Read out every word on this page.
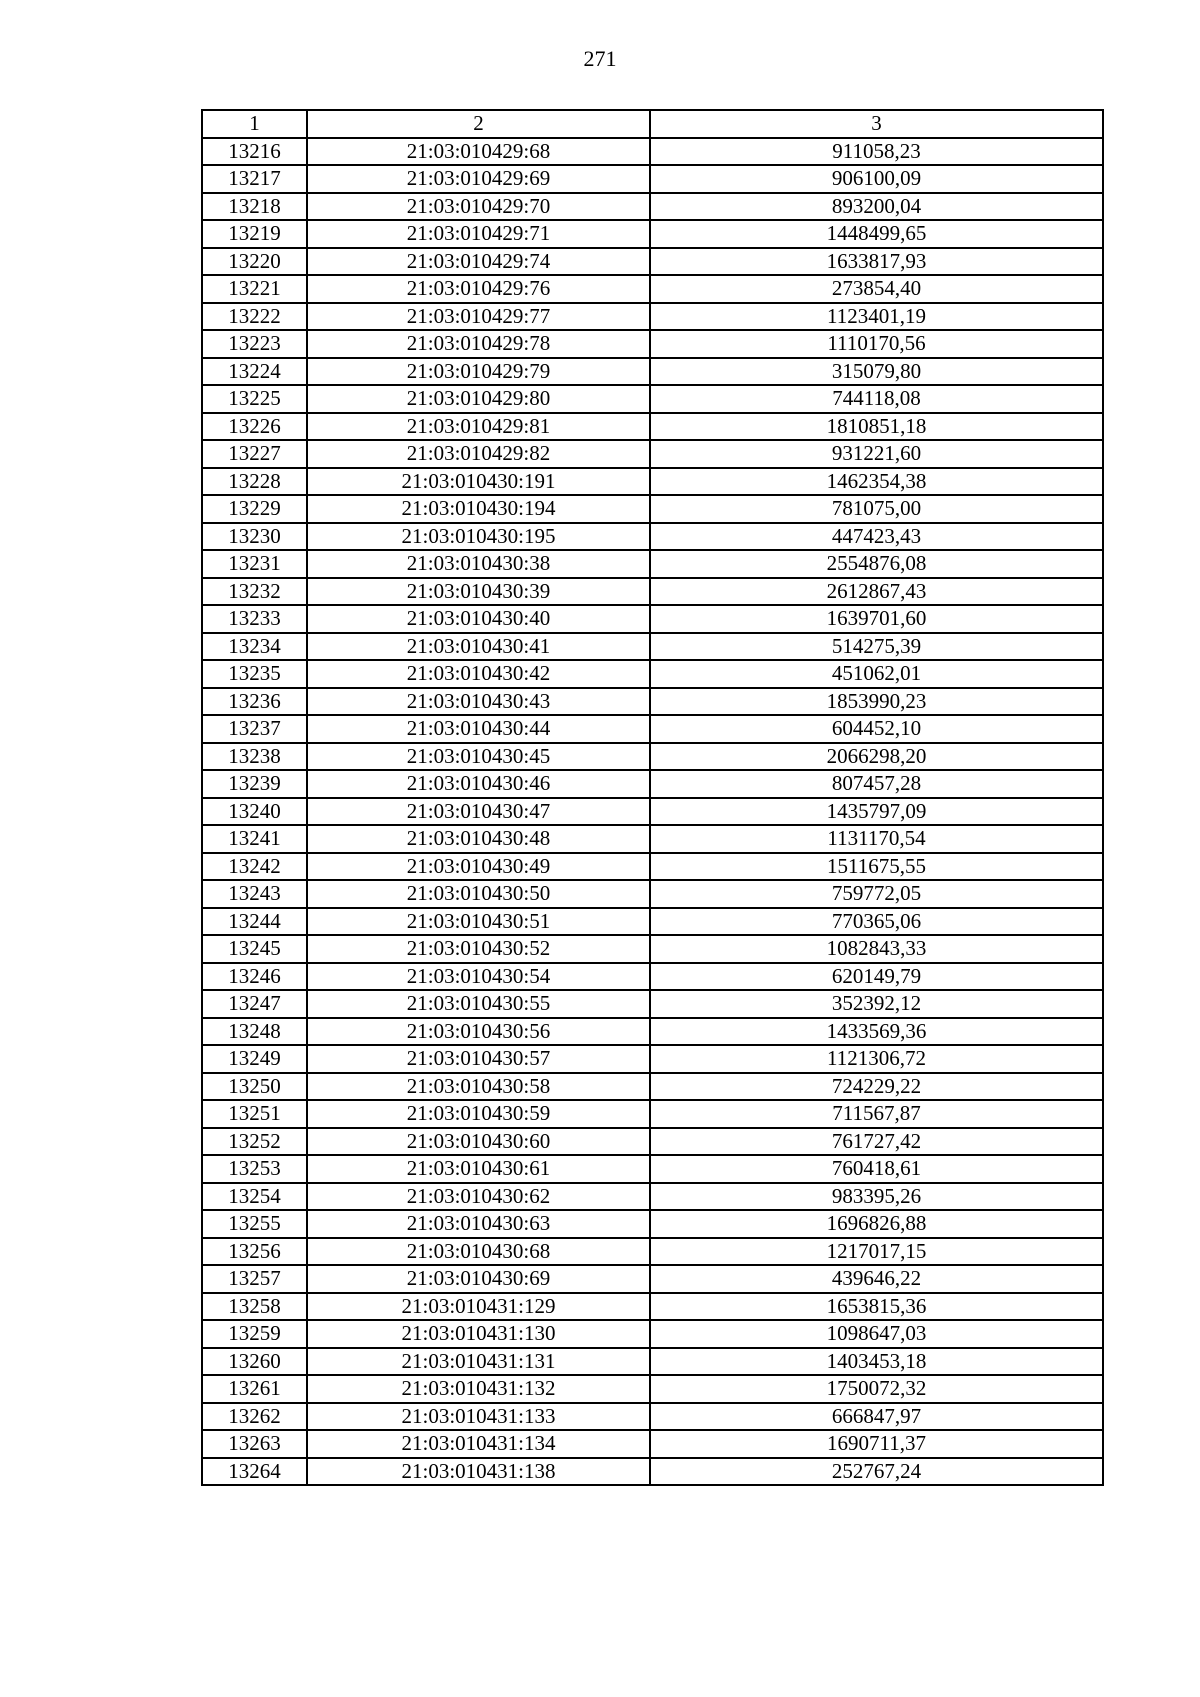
271
1	2	3
13216	21:03:010429:68	911058,23
13217	21:03:010429:69	906100,09
13218	21:03:010429:70	893200,04
13219	21:03:010429:71	1448499,65
13220	21:03:010429:74	1633817,93
13221	21:03:010429:76	273854,40
13222	21:03:010429:77	1123401,19
13223	21:03:010429:78	1110170,56
13224	21:03:010429:79	315079,80
13225	21:03:010429:80	744118,08
13226	21:03:010429:81	1810851,18
13227	21:03:010429:82	931221,60
13228	21:03:010430:191	1462354,38
13229	21:03:010430:194	781075,00
13230	21:03:010430:195	447423,43
13231	21:03:010430:38	2554876,08
13232	21:03:010430:39	2612867,43
13233	21:03:010430:40	1639701,60
13234	21:03:010430:41	514275,39
13235	21:03:010430:42	451062,01
13236	21:03:010430:43	1853990,23
13237	21:03:010430:44	604452,10
13238	21:03:010430:45	2066298,20
13239	21:03:010430:46	807457,28
13240	21:03:010430:47	1435797,09
13241	21:03:010430:48	1131170,54
13242	21:03:010430:49	1511675,55
13243	21:03:010430:50	759772,05
13244	21:03:010430:51	770365,06
13245	21:03:010430:52	1082843,33
13246	21:03:010430:54	620149,79
13247	21:03:010430:55	352392,12
13248	21:03:010430:56	1433569,36
13249	21:03:010430:57	1121306,72
13250	21:03:010430:58	724229,22
13251	21:03:010430:59	711567,87
13252	21:03:010430:60	761727,42
13253	21:03:010430:61	760418,61
13254	21:03:010430:62	983395,26
13255	21:03:010430:63	1696826,88
13256	21:03:010430:68	1217017,15
13257	21:03:010430:69	439646,22
13258	21:03:010431:129	1653815,36
13259	21:03:010431:130	1098647,03
13260	21:03:010431:131	1403453,18
13261	21:03:010431:132	1750072,32
13262	21:03:010431:133	666847,97
13263	21:03:010431:134	1690711,37
13264	21:03:010431:138	252767,24
